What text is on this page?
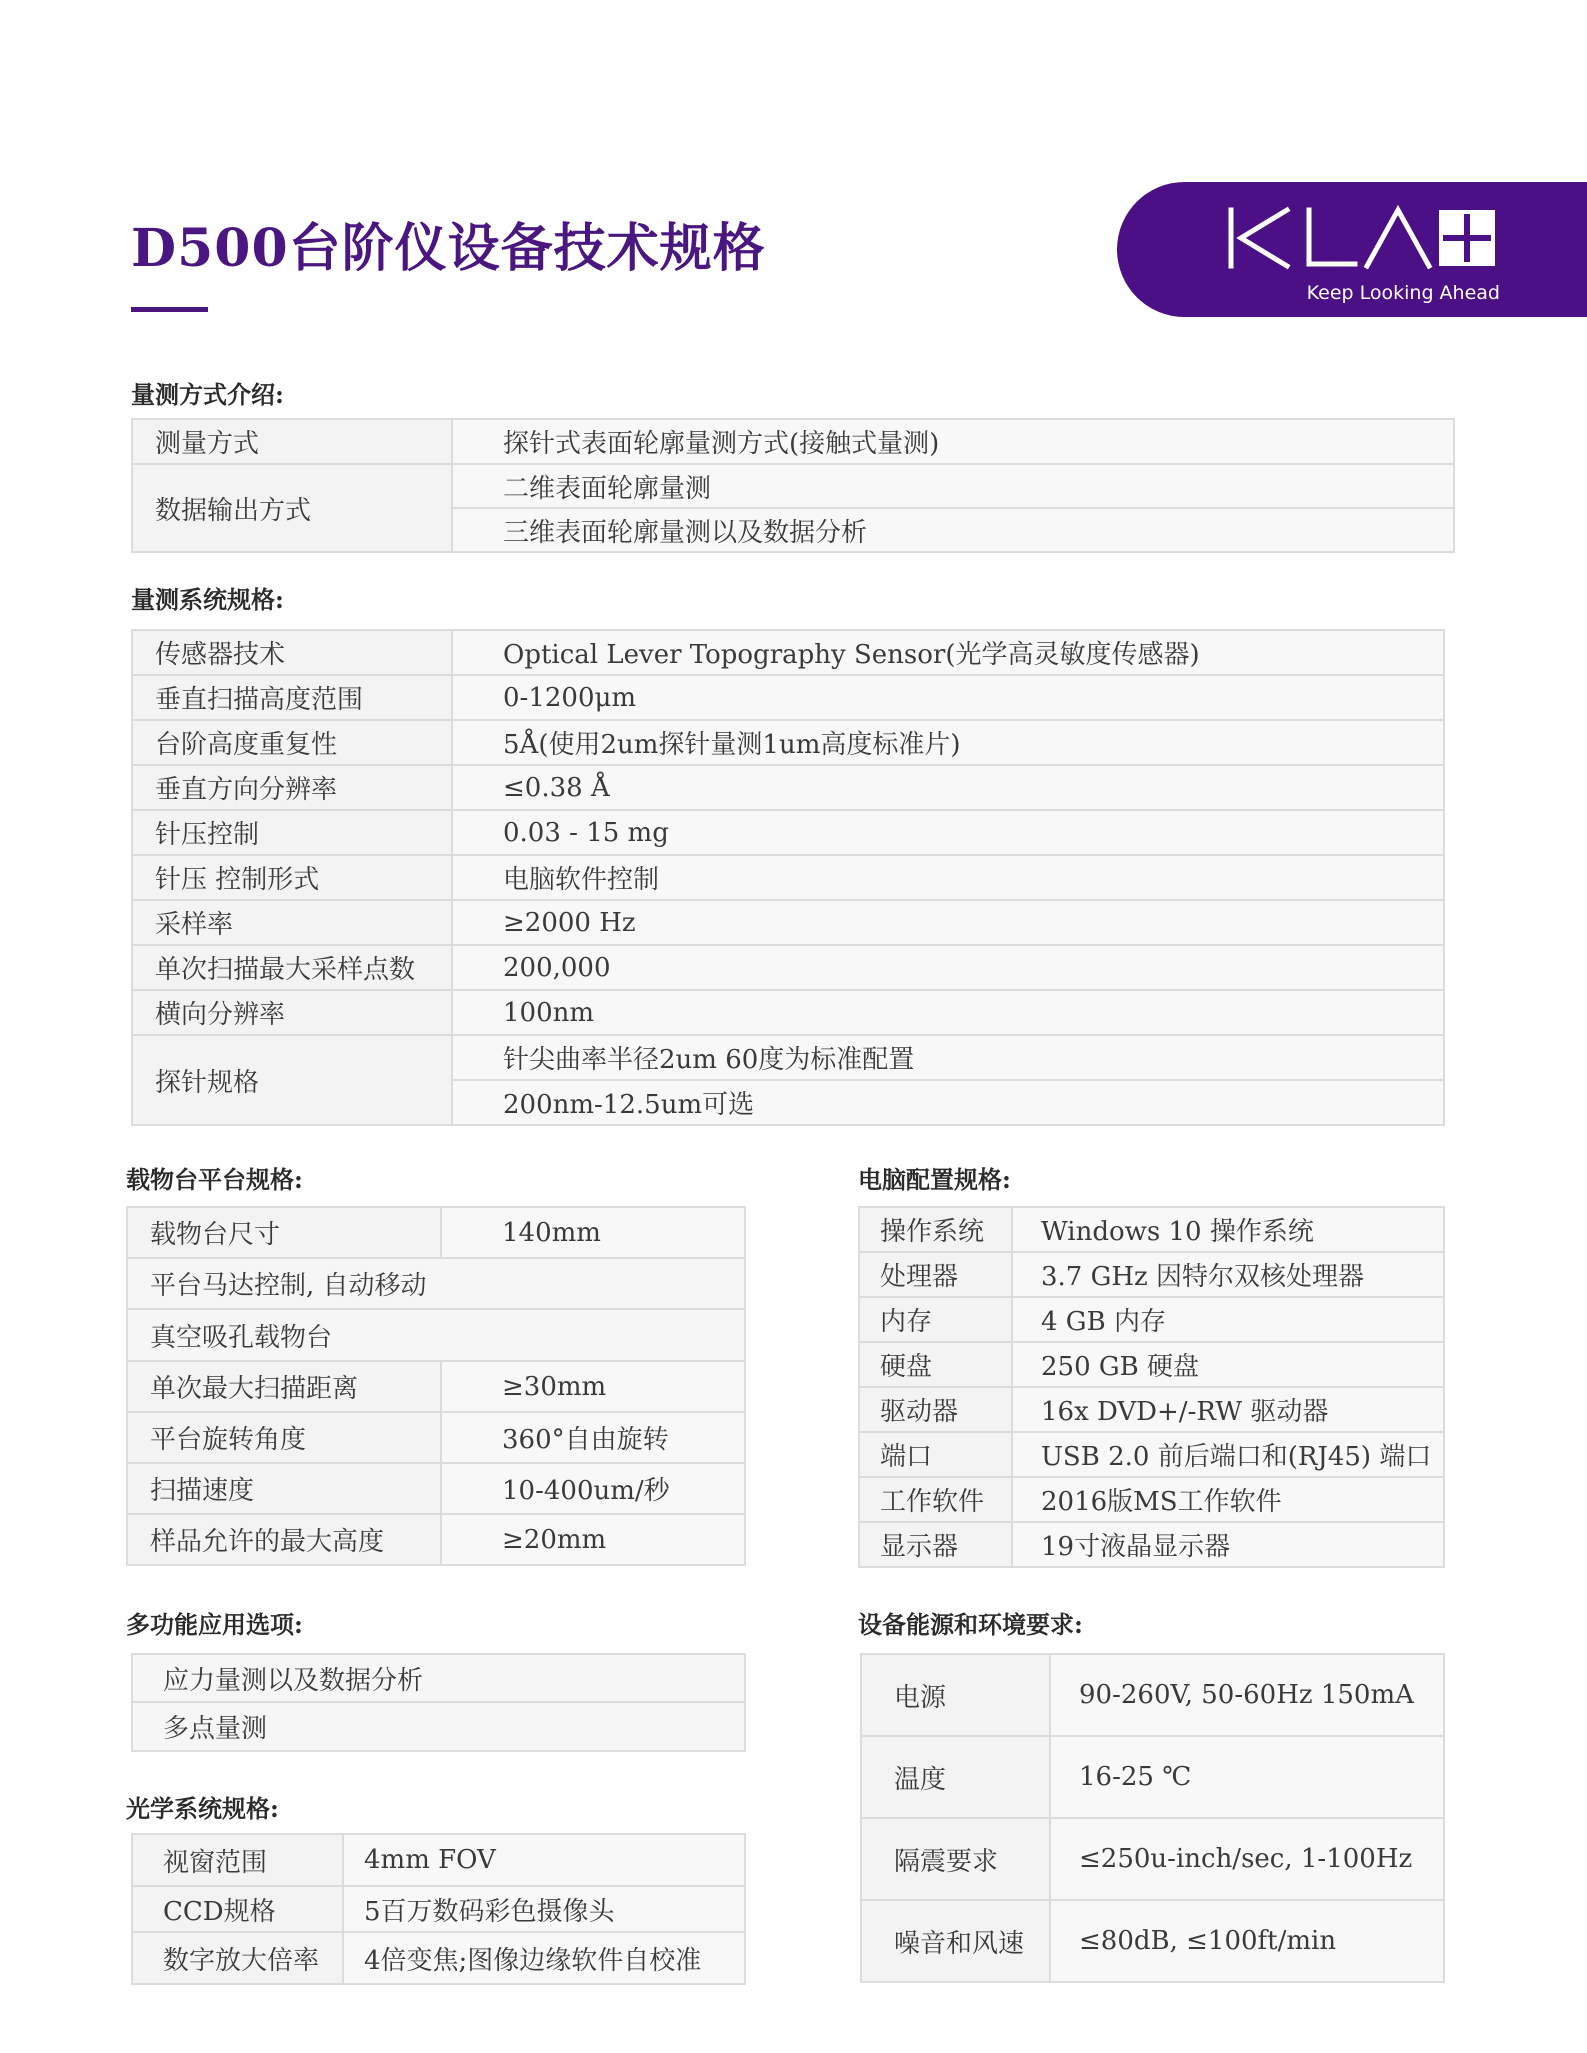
D500台阶仪设备技术规格
Keep Looking Ahead
量测方式介绍:
测量方式	探针式表面轮廓量测方式(接触式量测)
数据输出方式	二维表面轮廓量测
	三维表面轮廓量测以及数据分析
量测系统规格:
传感器技术	Optical Lever Topography Sensor(光学高灵敏度传感器)
垂直扫描高度范围	0-1200μm
台阶高度重复性	5Å(使用2um探针量测1um高度标准片)
垂直方向分辨率	≤0.38 Å
针压控制	0.03 - 15 mg
针压 控制形式	电脑软件控制
采样率	≥2000 Hz
单次扫描最大采样点数	200,000
横向分辨率	100nm
探针规格	针尖曲率半径2um 60度为标准配置
	200nm-12.5um可选
载物台平台规格:
载物台尺寸	140mm
平台马达控制, 自动移动	
真空吸孔载物台	
单次最大扫描距离	≥30mm
平台旋转角度	360°自由旋转
扫描速度	10-400um/秒
样品允许的最大高度	≥20mm
电脑配置规格:
操作系统	Windows 10 操作系统
处理器	3.7 GHz 因特尔双核处理器
内存	4 GB 内存
硬盘	250 GB 硬盘
驱动器	16x DVD+/-RW 驱动器
端口	USB 2.0 前后端口和(RJ45) 端口
工作软件	2016版MS工作软件
显示器	19寸液晶显示器
多功能应用选项:
应力量测以及数据分析
多点量测
光学系统规格:
视窗范围	4mm FOV
CCD规格	5百万数码彩色摄像头
数字放大倍率	4倍变焦;图像边缘软件自校准
设备能源和环境要求:
电源	90-260V, 50-60Hz 150mA
温度	16-25 ℃
隔震要求	≤250u-inch/sec, 1-100Hz
噪音和风速	≤80dB, ≤100ft/min
